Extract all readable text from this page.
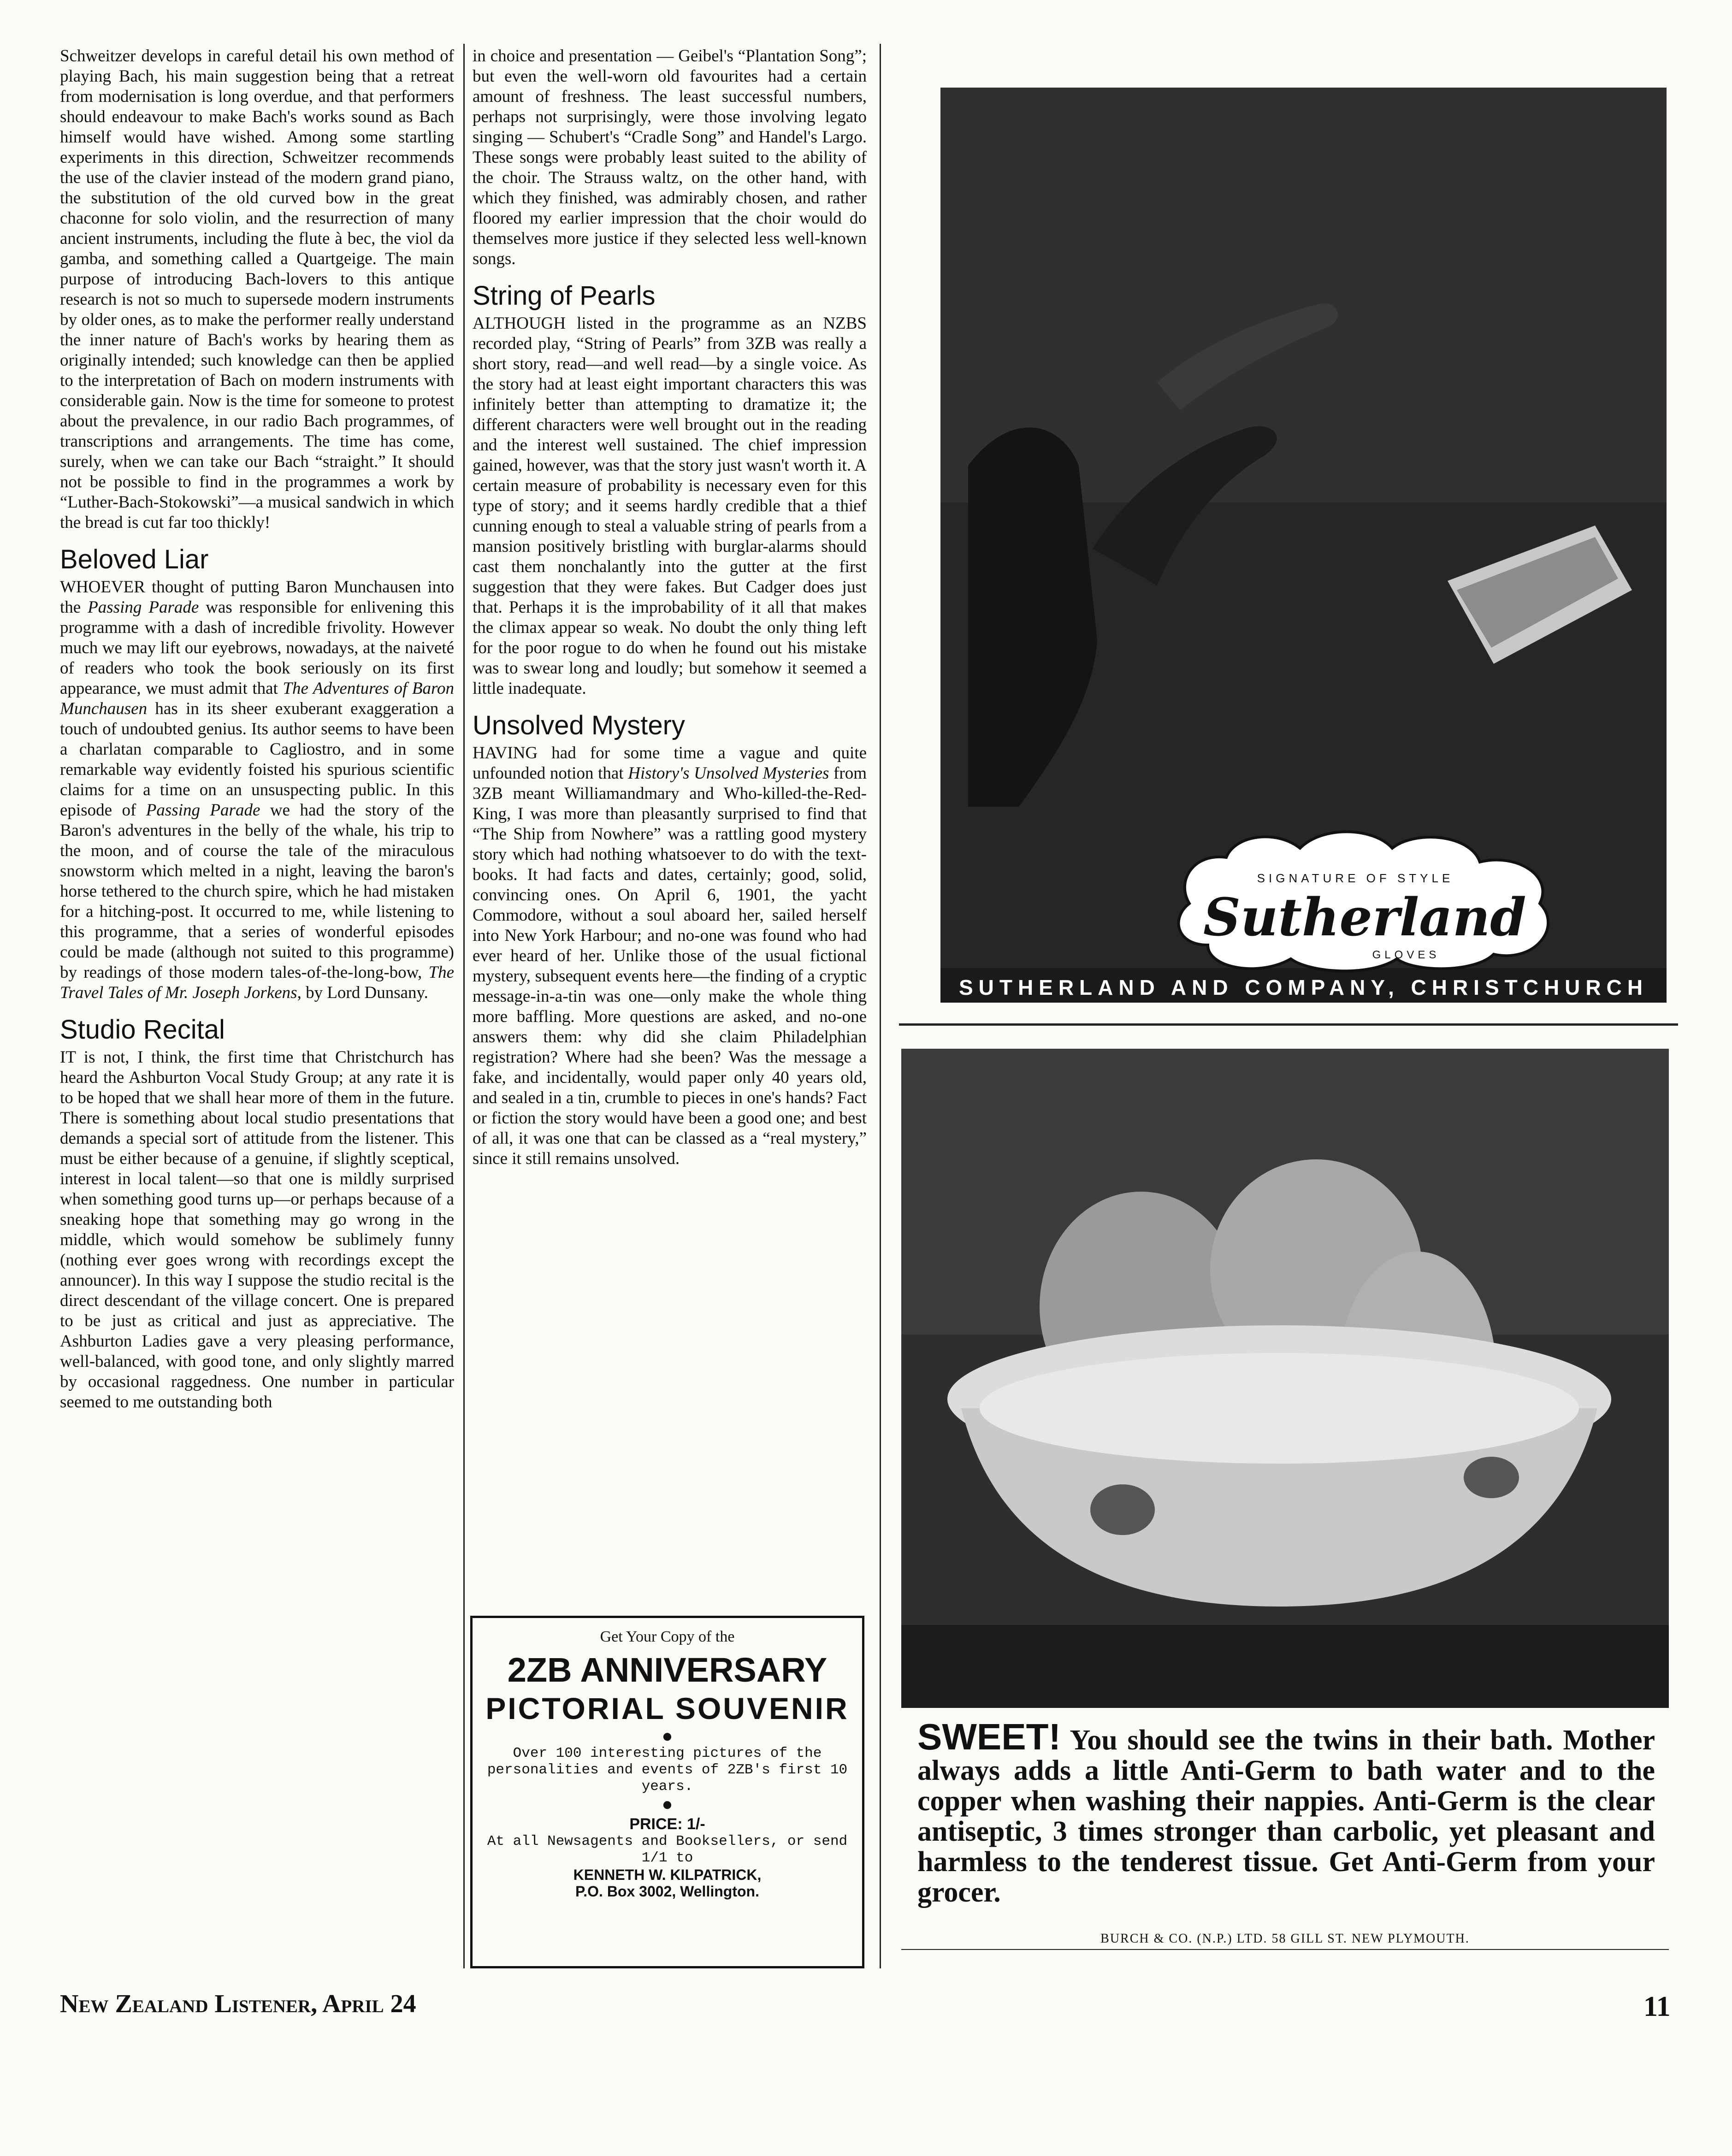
Schweitzer develops in careful detail his own method of playing Bach, his main suggestion being that a retreat from modernisation is long overdue, and that performers should endeavour to make Bach's works sound as Bach himself would have wished. Among some startling experiments in this direction, Schweitzer recommends the use of the clavier instead of the modern grand piano, the substitution of the old curved bow in the great chaconne for solo violin, and the resurrection of many ancient instruments, including the flute à bec, the viol da gamba, and something called a Quartgeige. The main purpose of introducing Bach-lovers to this antique research is not so much to supersede modern instruments by older ones, as to make the performer really understand the inner nature of Bach's works by hearing them as originally intended; such knowledge can then be applied to the interpretation of Bach on modern instruments with considerable gain. Now is the time for someone to protest about the prevalence, in our radio Bach programmes, of transcriptions and arrangements. The time has come, surely, when we can take our Bach “straight.” It should not be possible to find in the programmes a work by “Luther-Bach-Stokowski”—a musical sandwich in which the bread is cut far too thickly!

Beloved Liar

WHOEVER thought of putting Baron Munchausen into the Passing Parade was responsible for enlivening this programme with a dash of incredible frivolity. However much we may lift our eyebrows, nowadays, at the naiveté of readers who took the book seriously on its first appearance, we must admit that The Adventures of Baron Munchausen has in its sheer exuberant exaggeration a touch of undoubted genius. Its author seems to have been a charlatan comparable to Cagliostro, and in some remarkable way evidently foisted his spurious scientific claims for a time on an unsuspecting public. In this episode of Passing Parade we had the story of the Baron's adventures in the belly of the whale, his trip to the moon, and of course the tale of the miraculous snowstorm which melted in a night, leaving the baron's horse tethered to the church spire, which he had mistaken for a hitching-post. It occurred to me, while listening to this programme, that a series of wonderful episodes could be made (although not suited to this programme) by readings of those modern tales-of-the-long-bow, The Travel Tales of Mr. Joseph Jorkens, by Lord Dunsany.

Studio Recital

IT is not, I think, the first time that Christchurch has heard the Ashburton Vocal Study Group; at any rate it is to be hoped that we shall hear more of them in the future. There is something about local studio presentations that demands a special sort of attitude from the listener. This must be either because of a genuine, if slightly sceptical, interest in local talent—so that one is mildly surprised when something good turns up—or perhaps because of a sneaking hope that something may go wrong in the middle, which would somehow be sublimely funny (nothing ever goes wrong with recordings except the announcer). In this way I suppose the studio recital is the direct descendant of the village concert. One is prepared to be just as critical and just as appreciative. The Ashburton Ladies gave a very pleasing performance, well-balanced, with good tone, and only slightly marred by occasional raggedness. One number in particular seemed to me outstanding both

in choice and presentation — Geibel's “Plantation Song”; but even the well-worn old favourites had a certain amount of freshness. The least successful numbers, perhaps not surprisingly, were those involving legato singing — Schubert's “Cradle Song” and Handel's Largo. These songs were probably least suited to the ability of the choir. The Strauss waltz, on the other hand, with which they finished, was admirably chosen, and rather floored my earlier impression that the choir would do themselves more justice if they selected less well-known songs.

String of Pearls

ALTHOUGH listed in the programme as an NZBS recorded play, “String of Pearls” from 3ZB was really a short story, read—and well read—by a single voice. As the story had at least eight important characters this was infinitely better than attempting to dramatize it; the different characters were well brought out in the reading and the interest well sustained. The chief impression gained, however, was that the story just wasn't worth it. A certain measure of probability is necessary even for this type of story; and it seems hardly credible that a thief cunning enough to steal a valuable string of pearls from a mansion positively bristling with burglar-alarms should cast them nonchalantly into the gutter at the first suggestion that they were fakes. But Cadger does just that. Perhaps it is the improbability of it all that makes the climax appear so weak. No doubt the only thing left for the poor rogue to do when he found out his mistake was to swear long and loudly; but somehow it seemed a little inadequate.

Unsolved Mystery

HAVING had for some time a vague and quite unfounded notion that History's Unsolved Mysteries from 3ZB meant Williamandmary and Who-killed-the-Red-King, I was more than pleasantly surprised to find that “The Ship from Nowhere” was a rattling good mystery story which had nothing whatsoever to do with the text-books. It had facts and dates, certainly; good, solid, convincing ones. On April 6, 1901, the yacht Commodore, without a soul aboard her, sailed herself into New York Harbour; and no-one was found who had ever heard of her. Unlike those of the usual fictional mystery, subsequent events here—the finding of a cryptic message-in-a-tin was one—only make the whole thing more baffling. More questions are asked, and no-one answers them: why did she claim Philadelphian registration? Where had she been? Was the message a fake, and incidentally, would paper only 40 years old, and sealed in a tin, crumble to pieces in one's hands? Fact or fiction the story would have been a good one; and best of all, it was one that can be classed as a “real mystery,” since it still remains unsolved.

Get Your Copy of the
2ZB ANNIVERSARY
PICTORIAL SOUVENIR
●
Over 100 interesting pictures of the personalities and events of 2ZB's first 10 years.
●
PRICE: 1/-
At all Newsagents and Booksellers, or send 1/1 to
KENNETH W. KILPATRICK,
P.O. Box 3002, Wellington.
SIGNATURE OF STYLE
Sutherland
GLOVES
SUTHERLAND AND COMPANY, CHRISTCHURCH
SWEET! You should see the twins in their bath. Mother always adds a little Anti-Germ to bath water and to the copper when washing their nappies. Anti-Germ is the clear antiseptic, 3 times stronger than carbolic, yet pleasant and harmless to the tenderest tissue. Get Anti-Germ from your grocer.
BURCH & CO. (N.P.) LTD. 58 GILL ST. NEW PLYMOUTH.
New Zealand Listener, April 24	11
